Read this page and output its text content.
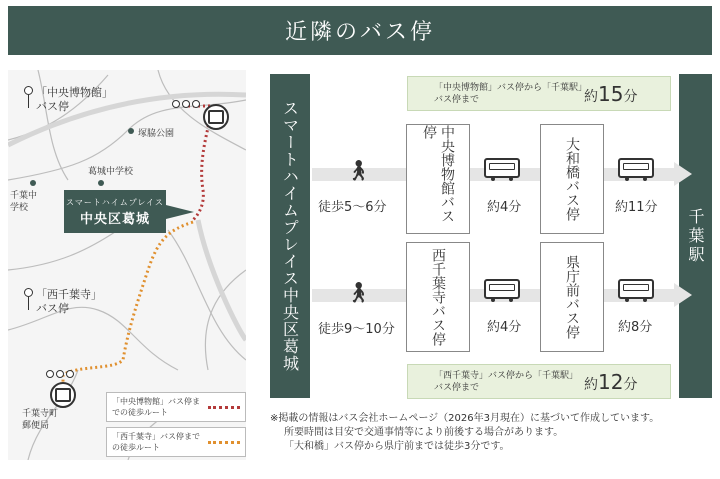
近隣のバス停
「中央博物館」
バス停
塚脇公園
葛城中学校
千葉中学校
スマートハイムプレイス
中央区葛城
「西千葉寺」
バス停
千葉寺町郵便局
「中央博物館」バス停までの徒歩ルート
「西千葉寺」バス停までの徒歩ルート
スマートハイムプレイス中央区葛城	千葉駅
「中央博物館」バス停から「千葉駅」バス停まで	約15分
「西千葉寺」バス停から「千葉駅」バス停まで	約12分
🚶︎
徒歩5～6分	中央博物館バス停
約4分	大和橋バス停	約11分
🚶︎
徒歩9～10分	西千葉寺バス停	約4分	県庁前バス停	約8分
※掲載の情報はバス会社ホームページ（2026年3月現在）に基づいて作成しています。
所要時間は目安で交通事情等により前後する場合があります。
「大和橋」バス停から県庁前までは徒歩3分です。
